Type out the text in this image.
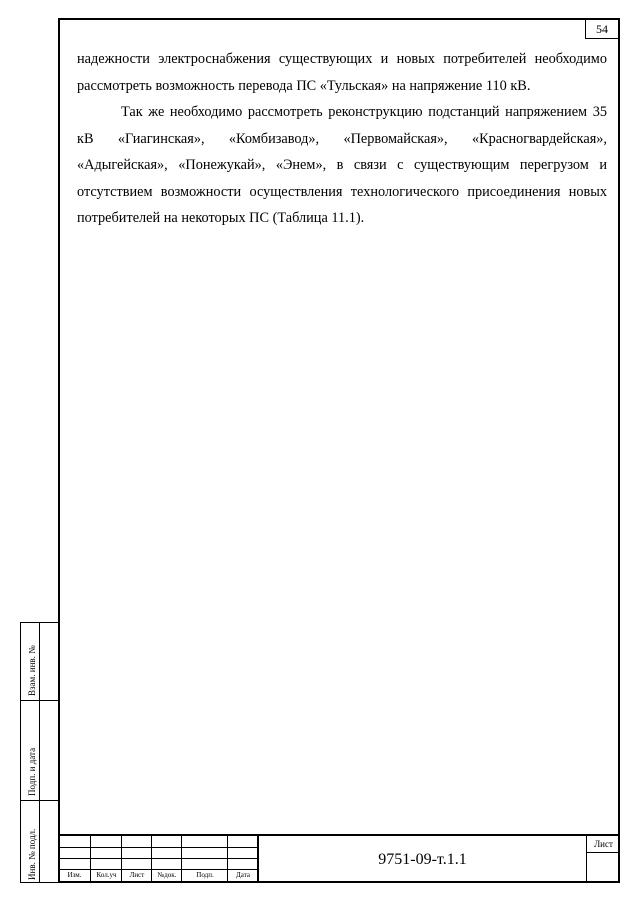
54

надежности электроснабжения существующих и новых потребителей необходимо рассмотреть возможность перевода ПС «Тульская» на напряжение 110 кВ.

Так же необходимо рассмотреть реконструкцию подстанций напряжением 35 кВ «Гиагинская», «Комбизавод», «Первомайская», «Красногвардейская», «Адыгейская», «Понежукай», «Энем», в связи с существующим перегрузом и отсутствием возможности осуществления технологического присоединения новых потребителей на некоторых ПС (Таблица 11.1).

Взам. инв. №
Подп. и дата
Инв. № подл.	Изм.	Кол.уч	Лист	№док.	Подп.	Дата
9751-09-т.1.1
Лист
